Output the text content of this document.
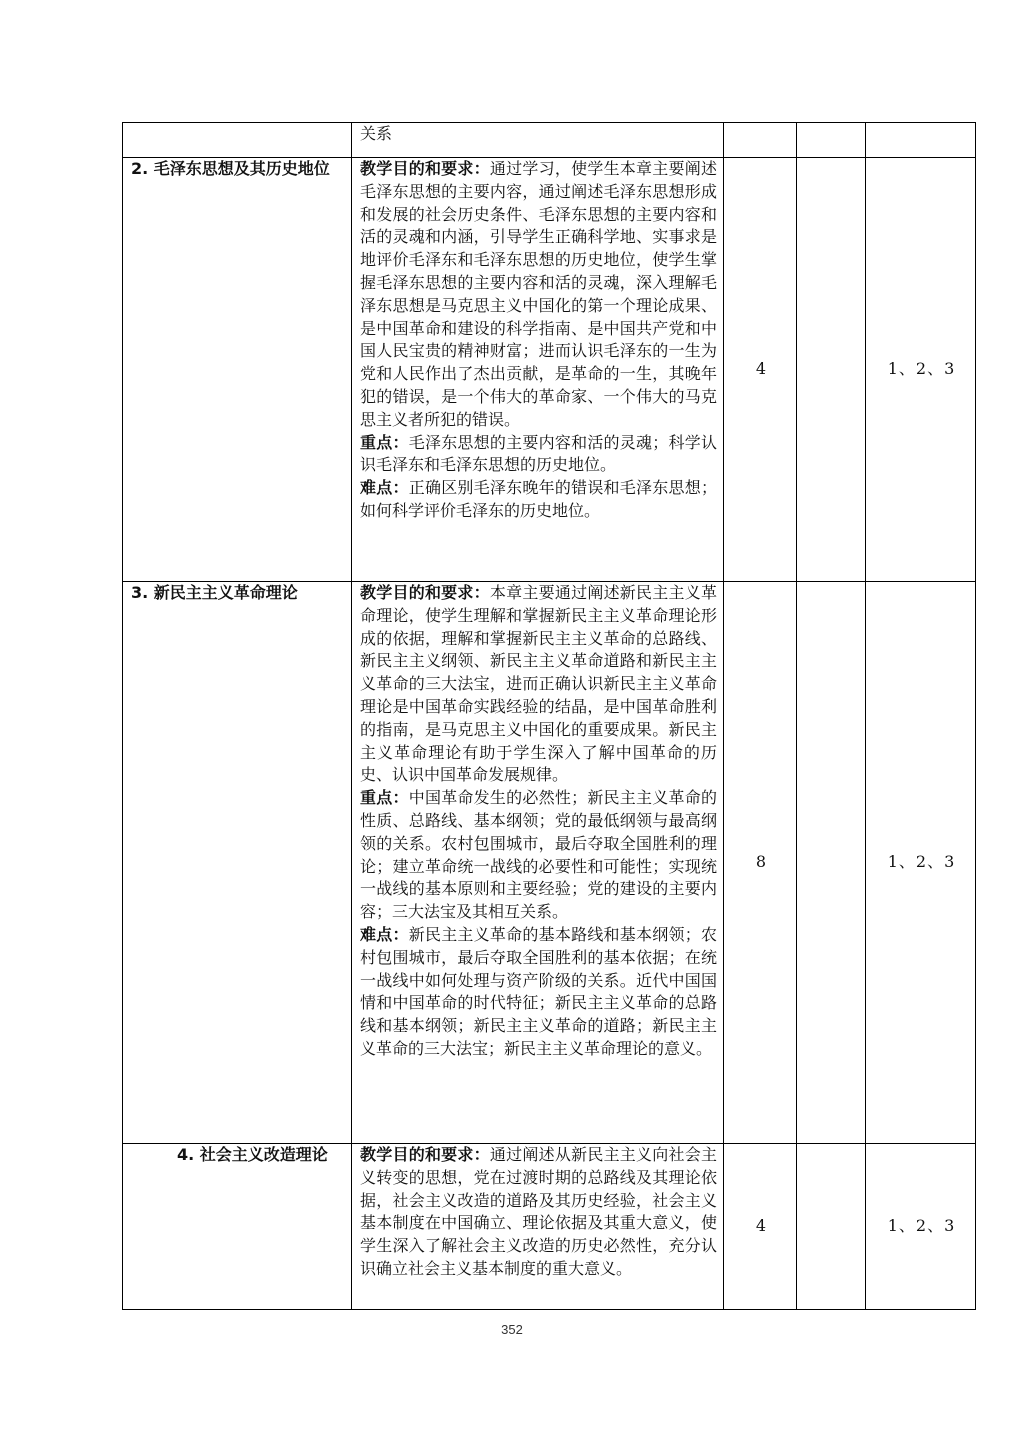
	关系			

2. 毛泽东思想及其历史地位	教学目的和要求：通过学习，使学生本章主要阐述毛泽东思想的主要内容，通过阐述毛泽东思想形成和发展的社会历史条件、毛泽东思想的主要内容和活的灵魂和内涵，引导学生正确科学地、实事求是地评价毛泽东和毛泽东思想的历史地位，使学生掌握毛泽东思想的主要内容和活的灵魂，深入理解毛泽东思想是马克思主义中国化的第一个理论成果、是中国革命和建设的科学指南、是中国共产党和中国人民宝贵的精神财富；进而认识毛泽东的一生为党和人民作出了杰出贡献，是革命的一生，其晚年犯的错误，是一个伟大的革命家、一个伟大的马克思主义者所犯的错误。
重点：毛泽东思想的主要内容和活的灵魂；科学认识毛泽东和毛泽东思想的历史地位。
难点：正确区别毛泽东晚年的错误和毛泽东思想；如何科学评价毛泽东的历史地位。	4		1、2、3
3. 新民主主义革命理论	教学目的和要求：本章主要通过阐述新民主主义革命理论，使学生理解和掌握新民主主义革命理论形成的依据，理解和掌握新民主主义革命的总路线、新民主主义纲领、新民主主义革命道路和新民主主义革命的三大法宝，进而正确认识新民主主义革命理论是中国革命实践经验的结晶，是中国革命胜利的指南，是马克思主义中国化的重要成果。新民主主义革命理论有助于学生深入了解中国革命的历史、认识中国革命发展规律。
重点：中国革命发生的必然性；新民主主义革命的性质、总路线、基本纲领；党的最低纲领与最高纲领的关系。农村包围城市，最后夺取全国胜利的理论；建立革命统一战线的必要性和可能性；实现统一战线的基本原则和主要经验；党的建设的主要内容；三大法宝及其相互关系。
难点：新民主主义革命的基本路线和基本纲领；农村包围城市，最后夺取全国胜利的基本依据；在统一战线中如何处理与资产阶级的关系。近代中国国情和中国革命的时代特征；新民主主义革命的总路线和基本纲领；新民主主义革命的道路；新民主主义革命的三大法宝；新民主主义革命理论的意义。	8		1、2、3

4. 社会主义改造理论	教学目的和要求：通过阐述从新民主主义向社会主义转变的思想，党在过渡时期的总路线及其理论依据，社会主义改造的道路及其历史经验，社会主义基本制度在中国确立、理论依据及其重大意义，使学生深入了解社会主义改造的历史必然性，充分认识确立社会主义基本制度的重大意义。	4		1、2、3
352
